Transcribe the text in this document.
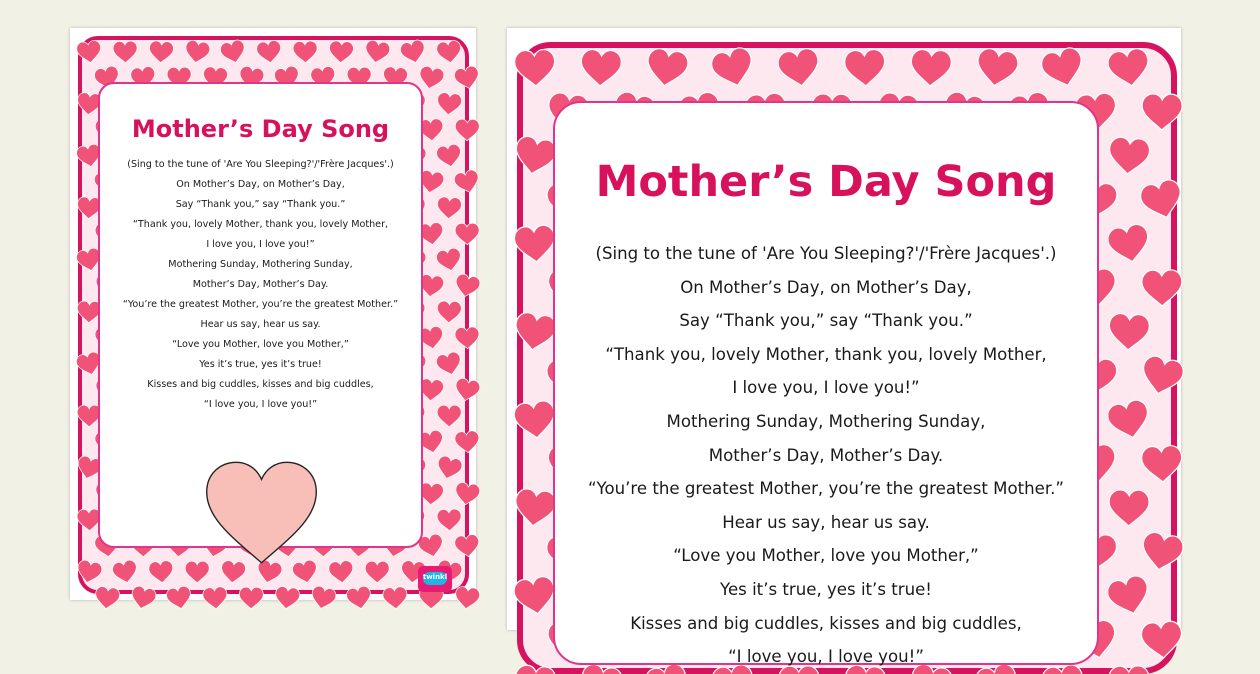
Mother’s Day Song
(Sing to the tune of 'Are You Sleeping?'/'Frère Jacques'.)
On Mother’s Day, on Mother’s Day,
Say “Thank you,” say “Thank you.”
“Thank you, lovely Mother, thank you, lovely Mother,
I love you, I love you!”
Mothering Sunday, Mothering Sunday,
Mother’s Day, Mother’s Day.
“You’re the greatest Mother, you’re the greatest Mother.”
Hear us say, hear us say.
“Love you Mother, love you Mother,”
Yes it’s true, yes it’s true!
Kisses and big cuddles, kisses and big cuddles,
“I love you, I love you!”
twinkl
Mother’s Day Song
(Sing to the tune of 'Are You Sleeping?'/'Frère Jacques'.)
On Mother’s Day, on Mother’s Day,
Say “Thank you,” say “Thank you.”
“Thank you, lovely Mother, thank you, lovely Mother,
I love you, I love you!”
Mothering Sunday, Mothering Sunday,
Mother’s Day, Mother’s Day.
“You’re the greatest Mother, you’re the greatest Mother.”
Hear us say, hear us say.
“Love you Mother, love you Mother,”
Yes it’s true, yes it’s true!
Kisses and big cuddles, kisses and big cuddles,
“I love you, I love you!”
